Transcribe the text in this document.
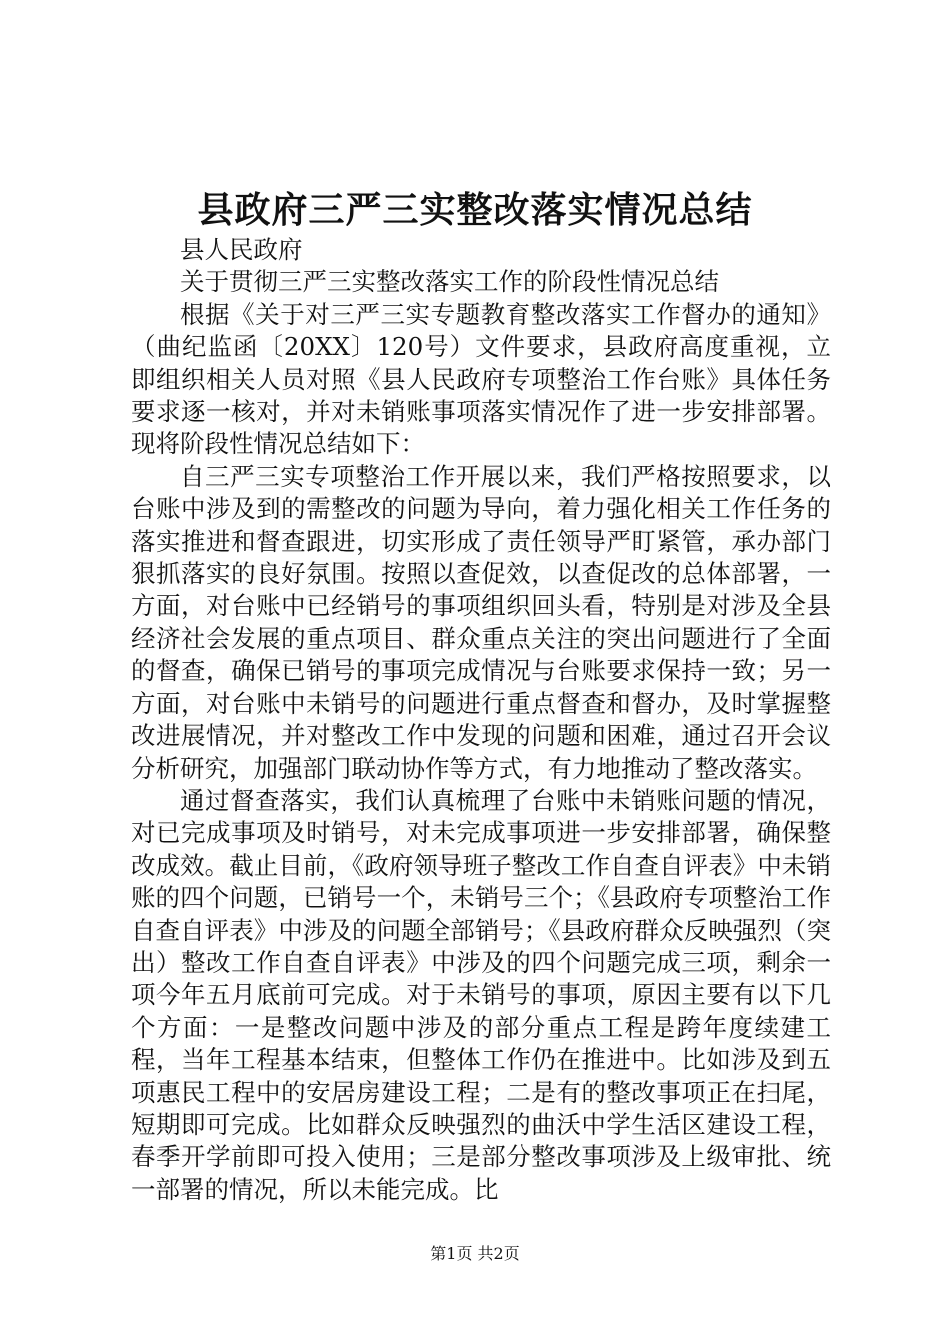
县政府三严三实整改落实情况总结

县人民政府

关于贯彻三严三实整改落实工作的阶段性情况总结

根据《关于对三严三实专题教育整改落实工作督办的通知》（曲纪监函〔20XX〕120号）文件要求，县政府高度重视，立即组织相关人员对照《县人民政府专项整治工作台账》具体任务要求逐一核对，并对未销账事项落实情况作了进一步安排部署。现将阶段性情况总结如下：

自三严三实专项整治工作开展以来，我们严格按照要求，以台账中涉及到的需整改的问题为导向，着力强化相关工作任务的落实推进和督查跟进，切实形成了责任领导严盯紧管，承办部门狠抓落实的良好氛围。按照以查促效，以查促改的总体部署，一方面，对台账中已经销号的事项组织回头看，特别是对涉及全县经济社会发展的重点项目、群众重点关注的突出问题进行了全面的督查，确保已销号的事项完成情况与台账要求保持一致；另一方面，对台账中未销号的问题进行重点督查和督办，及时掌握整改进展情况，并对整改工作中发现的问题和困难，通过召开会议分析研究，加强部门联动协作等方式，有力地推动了整改落实。

通过督查落实，我们认真梳理了台账中未销账问题的情况，对已完成事项及时销号，对未完成事项进一步安排部署，确保整改成效。截止目前，《政府领导班子整改工作自查自评表》中未销账的四个问题，已销号一个，未销号三个；《县政府专项整治工作自查自评表》中涉及的问题全部销号；《县政府群众反映强烈（突出）整改工作自查自评表》中涉及的四个问题完成三项，剩余一项今年五月底前可完成。对于未销号的事项，原因主要有以下几个方面：一是整改问题中涉及的部分重点工程是跨年度续建工程，当年工程基本结束，但整体工作仍在推进中。比如涉及到五项惠民工程中的安居房建设工程；二是有的整改事项正在扫尾，短期即可完成。比如群众反映强烈的曲沃中学生活区建设工程，春季开学前即可投入使用；三是部分整改事项涉及上级审批、统一部署的情况，所以未能完成。比

第1页 共2页
